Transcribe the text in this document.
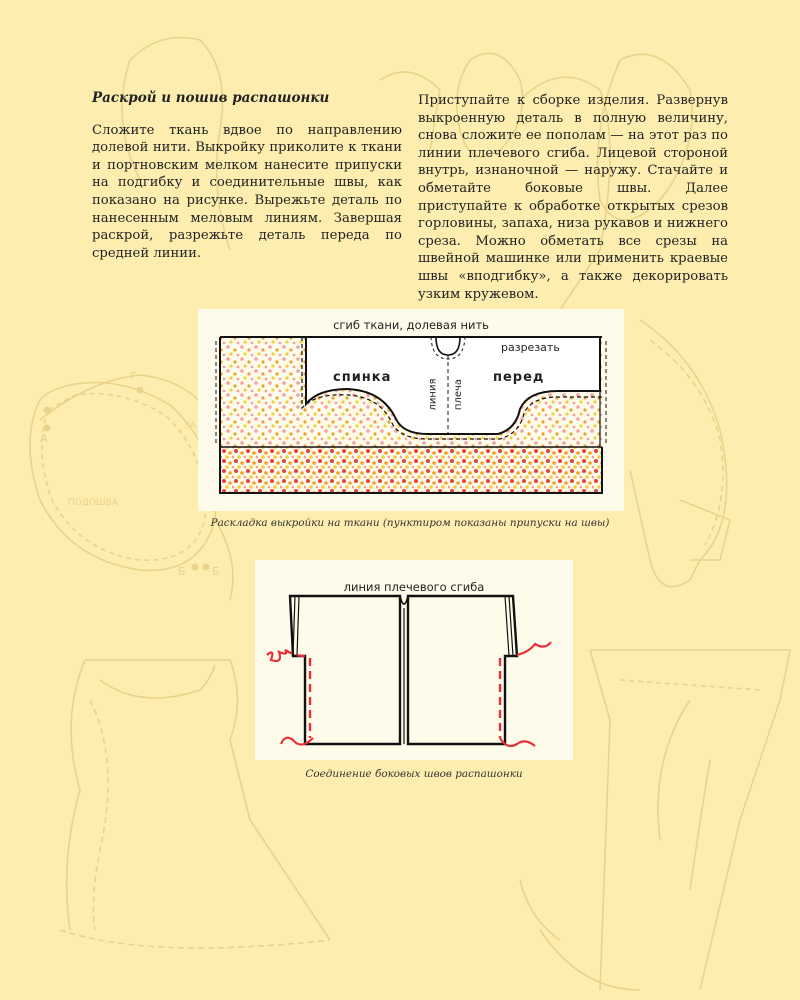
ПОДОШВА
А
Г
Б Б
ЗА
Раскрой и пошив распашонки

Сложите ткань вдвое по направлению долевой нити. Выкройку приколите к ткани и портновским мелком нанесите припуски на подгибку и соединительные швы, как показано на рисунке. Вырежьте деталь по нанесенным меловым линиям. Завершая раскрой, разрежьте деталь переда по средней линии.

Приступайте к сборке изделия. Развернув выкроенную деталь в полную величину, снова сложите ее пополам — на этот раз по линии плечевого сгиба. Лицевой стороной внутрь, изнаночной — наружу. Стачайте и обметайте боковые швы. Далее приступайте к обработке открытых срезов горловины, запаха, низа рукавов и нижнего среза. Можно обметать все срезы на швейной машинке или применить краевые швы «вподгибку», а также декорировать узким кружевом.

сгиб ткани, долевая нить
разрезать
спинка	перед
линия плеча
Раскладка выкройки на ткани (пунктиром показаны припуски на швы)
линия плечевого сгиба
Соединение боковых швов распашонки
